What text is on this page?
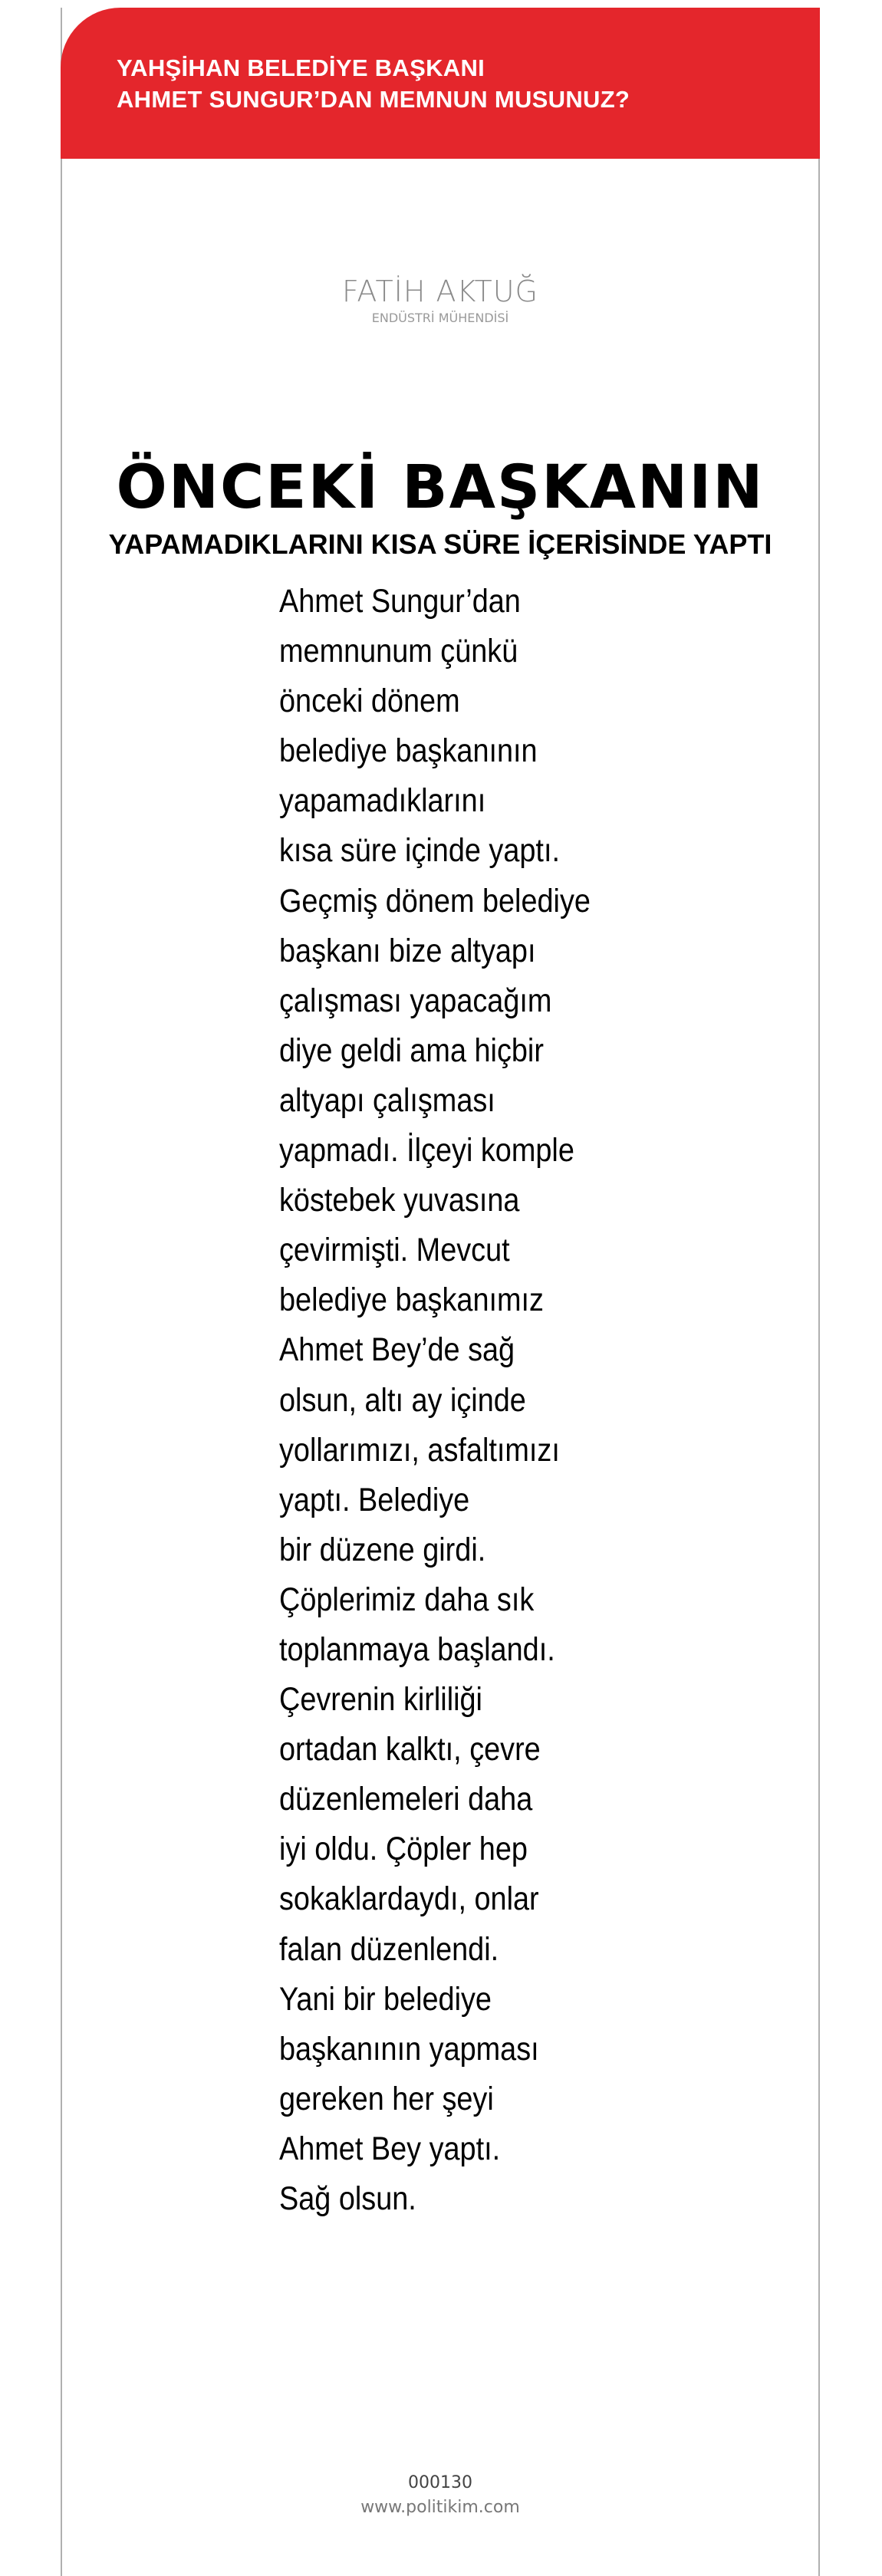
YAHŞİHAN BELEDİYE BAŞKANI
AHMET SUNGUR’DAN MEMNUN MUSUNUZ?
FATİH AKTUĞ
ENDÜSTRİ MÜHENDİSİ
ÖNCEKİ BAŞKANIN
YAPAMADIKLARINI KISA SÜRE İÇERİSİNDE YAPTI
Ahmet Sungur’dan
memnunum çünkü
önceki dönem
belediye başkanının
yapamadıklarını
kısa süre içinde yaptı.
Geçmiş dönem belediye
başkanı bize altyapı
çalışması yapacağım
diye geldi ama hiçbir
altyapı çalışması
yapmadı. İlçeyi komple
köstebek yuvasına
çevirmişti. Mevcut
belediye başkanımız
Ahmet Bey’de sağ
olsun, altı ay içinde
yollarımızı, asfaltımızı
yaptı. Belediye
bir düzene girdi.
Çöplerimiz daha sık
toplanmaya başlandı.
Çevrenin kirliliği
ortadan kalktı, çevre
düzenlemeleri daha
iyi oldu. Çöpler hep
sokaklardaydı, onlar
falan düzenlendi.
Yani bir belediye
başkanının yapması
gereken her şeyi
Ahmet Bey yaptı.
Sağ olsun.
000130
www.politikim.com
